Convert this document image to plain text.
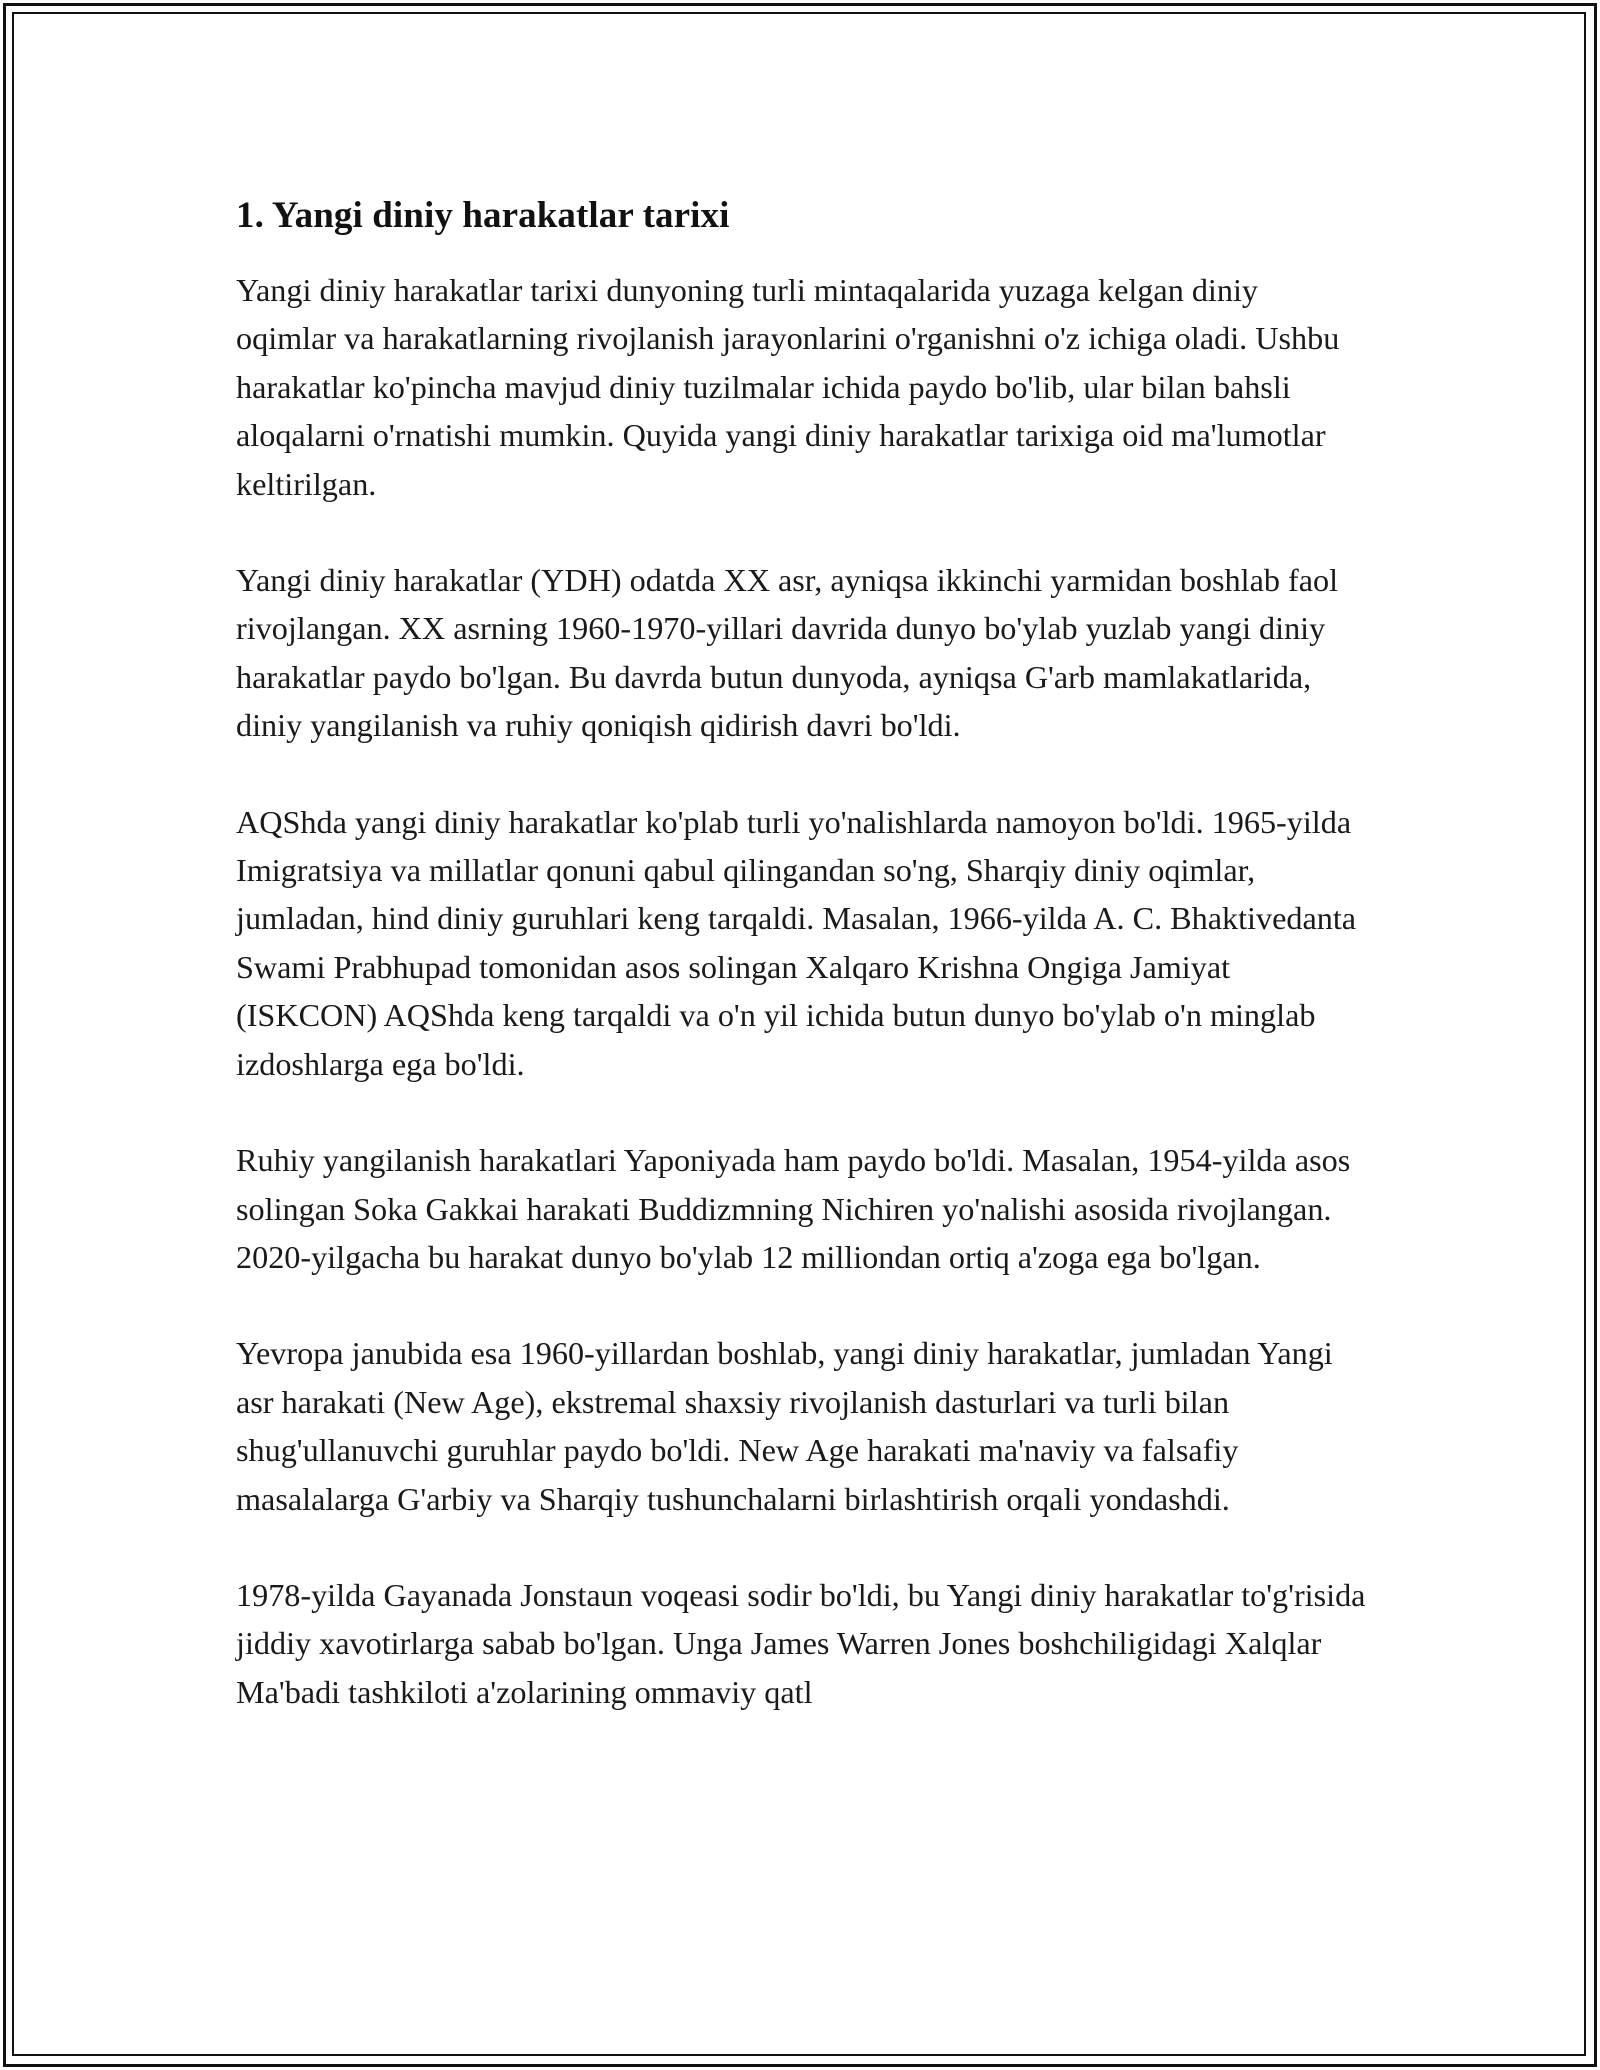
1. Yangi diniy harakatlar tarixi

Yangi diniy harakatlar tarixi dunyoning turli mintaqalarida yuzaga kelgan diniy oqimlar va harakatlarning rivojlanish jarayonlarini o'rganishni o'z ichiga oladi. Ushbu harakatlar ko'pincha mavjud diniy tuzilmalar ichida paydo bo'lib, ular bilan bahsli aloqalarni o'rnatishi mumkin. Quyida yangi diniy harakatlar tarixiga oid ma'lumotlar keltirilgan.

Yangi diniy harakatlar (YDH) odatda XX asr, ayniqsa ikkinchi yarmidan boshlab faol rivojlangan. XX asrning 1960-1970-yillari davrida dunyo bo'ylab yuzlab yangi diniy harakatlar paydo bo'lgan. Bu davrda butun dunyoda, ayniqsa G'arb mamlakatlarida, diniy yangilanish va ruhiy qoniqish qidirish davri bo'ldi.

AQShda yangi diniy harakatlar ko'plab turli yo'nalishlarda namoyon bo'ldi. 1965-yilda Imigratsiya va millatlar qonuni qabul qilingandan so'ng, Sharqiy diniy oqimlar, jumladan, hind diniy guruhlari keng tarqaldi. Masalan, 1966-yilda A. C. Bhaktivedanta Swami Prabhupad tomonidan asos solingan Xalqaro Krishna Ongiga Jamiyat (ISKCON) AQShda keng tarqaldi va o'n yil ichida butun dunyo bo'ylab o'n minglab izdoshlarga ega bo'ldi.

Ruhiy yangilanish harakatlari Yaponiyada ham paydo bo'ldi. Masalan, 1954-yilda asos solingan Soka Gakkai harakati Buddizmning Nichiren yo'nalishi asosida rivojlangan. 2020-yilgacha bu harakat dunyo bo'ylab 12 milliondan ortiq a'zoga ega bo'lgan.

Yevropa janubida esa 1960-yillardan boshlab, yangi diniy harakatlar, jumladan Yangi asr harakati (New Age), ekstremal shaxsiy rivojlanish dasturlari va turli bilan shug'ullanuvchi guruhlar paydo bo'ldi. New Age harakati ma'naviy va falsafiy masalalarga G'arbiy va Sharqiy tushunchalarni birlashtirish orqali yondashdi.

1978-yilda Gayanada Jonstaun voqeasi sodir bo'ldi, bu Yangi diniy harakatlar to'g'risida jiddiy xavotirlarga sabab bo'lgan. Unga James Warren Jones boshchiligidagi Xalqlar Ma'badi tashkiloti a'zolarining ommaviy qatl
